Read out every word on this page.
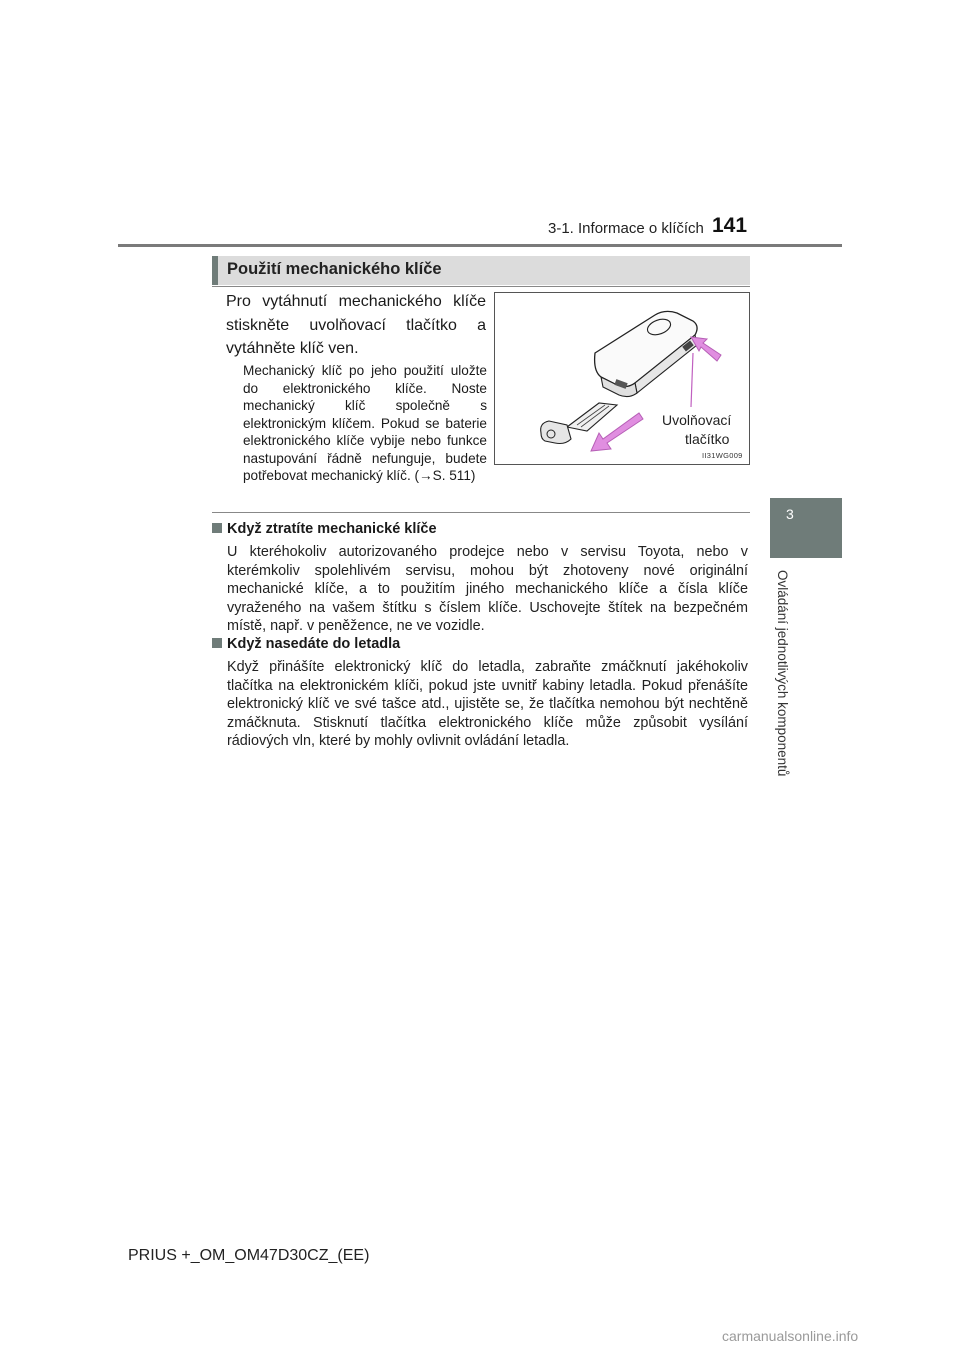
3-1. Informace o klíčích 141
3
Ovládání jednotlivých komponentů
Použití mechanického klíče
Pro vytáhnutí mechanického klíče stiskněte uvolňovací tlačítko a vytáhněte klíč ven.
Mechanický klíč po jeho použití uložte do elektronického klíče. Noste mechanický klíč společně s elektronickým klíčem. Pokud se baterie elektronického klíče vybije nebo funkce nastupování řádně nefunguje, budete potřebovat mechanický klíč. (→S. 511)
Uvolňovací
tlačítko
II31WG009
Když ztratíte mechanické klíče
U kteréhokoliv autorizovaného prodejce nebo v servisu Toyota, nebo v kterémkoliv spolehlivém servisu, mohou být zhotoveny nové originální mechanické klíče, a to použitím jiného mechanického klíče a čísla klíče vyraženého na vašem štítku s číslem klíče. Uschovejte štítek na bezpečném místě, např. v peněžence, ne ve vozidle.
Když nasedáte do letadla
Když přinášíte elektronický klíč do letadla, zabraňte zmáčknutí jakéhokoliv tlačítka na elektronickém klíči, pokud jste uvnitř kabiny letadla. Pokud přenášíte elektronický klíč ve své tašce atd., ujistěte se, že tlačítka nemohou být nechtěně zmáčknuta. Stisknutí tlačítka elektronického klíče může způsobit vysílání rádiových vln, které by mohly ovlivnit ovládání letadla.
PRIUS +_OM_OM47D30CZ_(EE)
carmanualsonline.info
